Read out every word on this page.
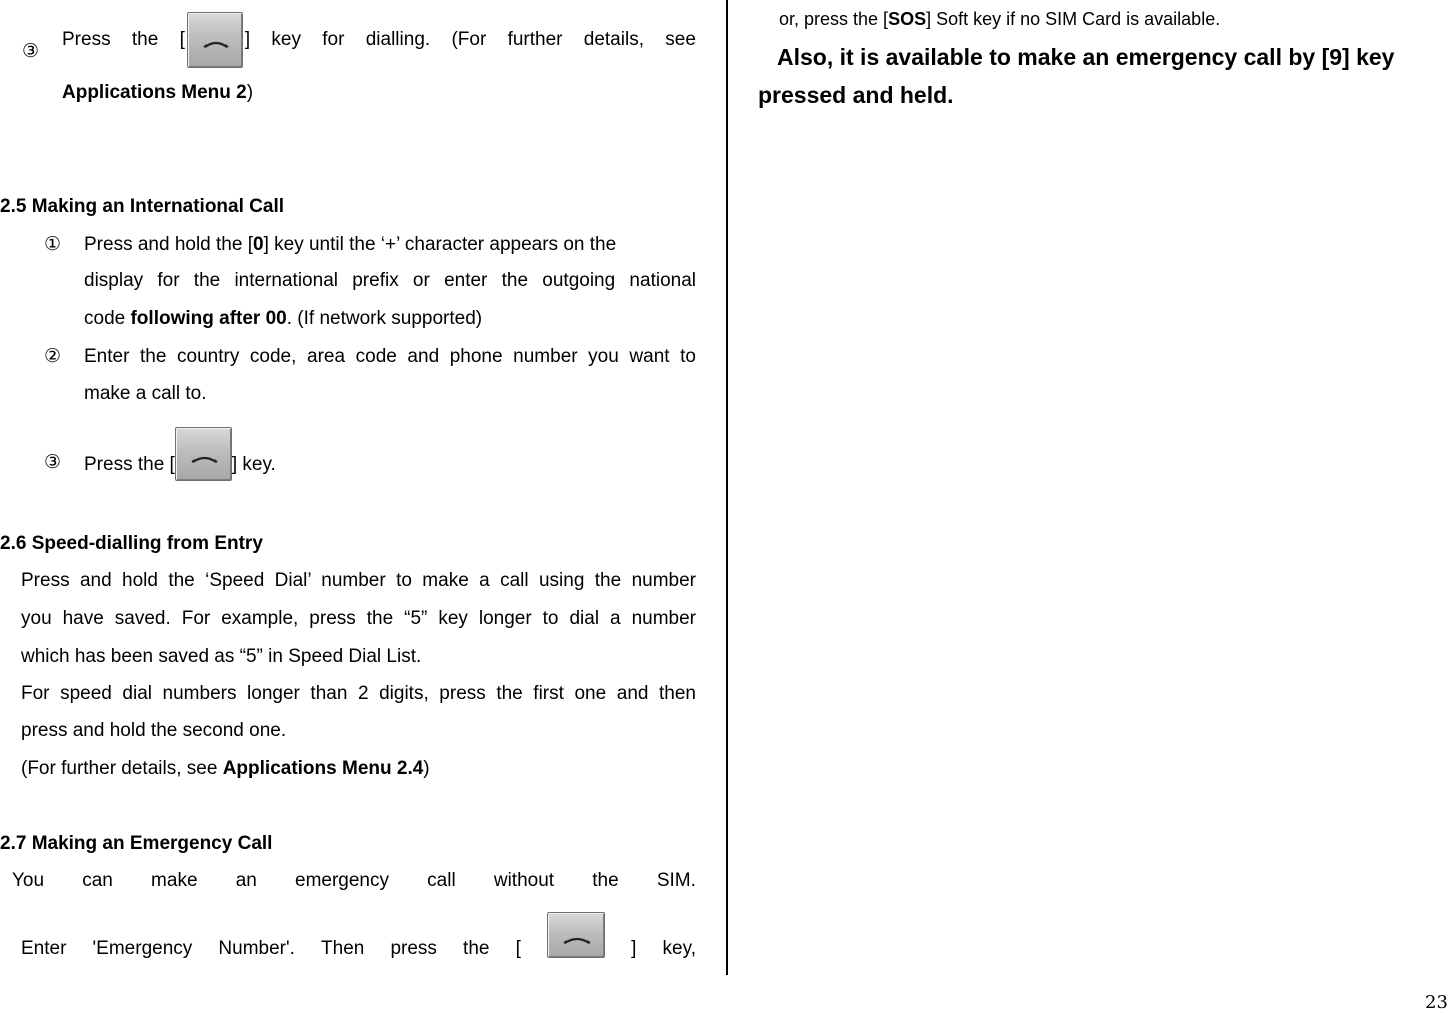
③
Press the [	] key for dialling. (For further details, see
Applications Menu 2)
2.5 Making an International Call
① Press and hold the [0] key until the ‘+’ character appears on the
display for the international prefix or enter the outgoing national
code following after 00. (If network supported)
② Enter the country code, area code and phone number you want to
make a call to.
③ Press the [	] key.
2.6 Speed-dialling from Entry
Press and hold the ‘Speed Dial’ number to make a call using the number
you have saved. For example, press the “5” key longer to dial a number
which has been saved as “5” in Speed Dial List.
For speed dial numbers longer than 2 digits, press the first one and then
press and hold the second one.
(For further details, see Applications Menu 2.4)
2.7 Making an Emergency Call
You can make an emergency call without the SIM.
Enter 'Emergency Number'. Then press the [	] key,
or, press the [SOS] Soft key if no SIM Card is available.
Also, it is available to make an emergency call by [9] key
pressed and held.
23
